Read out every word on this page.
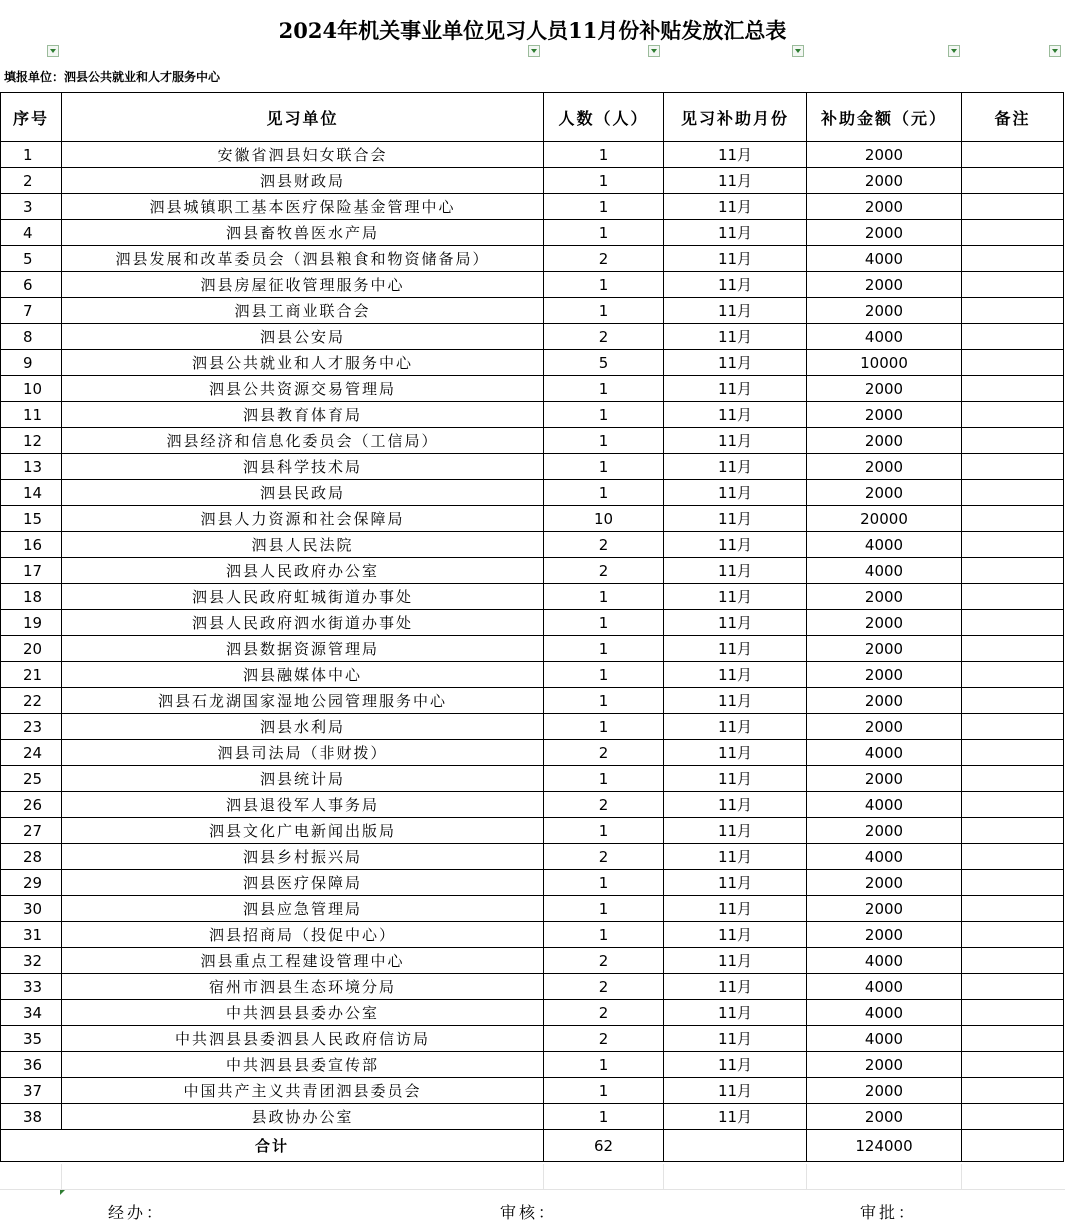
2024年机关事业单位见习人员11月份补贴发放汇总表
填报单位：泗县公共就业和人才服务中心
序号	见习单位	人数（人）	见习补助月份	补助金额（元）	备注
1	安徽省泗县妇女联合会	1	11月	2000	
2	泗县财政局	1	11月	2000	
3	泗县城镇职工基本医疗保险基金管理中心	1	11月	2000	
4	泗县畜牧兽医水产局	1	11月	2000	
5	泗县发展和改革委员会（泗县粮食和物资储备局）	2	11月	4000	
6	泗县房屋征收管理服务中心	1	11月	2000	
7	泗县工商业联合会	1	11月	2000	
8	泗县公安局	2	11月	4000	
9	泗县公共就业和人才服务中心	5	11月	10000	
10	泗县公共资源交易管理局	1	11月	2000	
11	泗县教育体育局	1	11月	2000	
12	泗县经济和信息化委员会（工信局）	1	11月	2000	
13	泗县科学技术局	1	11月	2000	
14	泗县民政局	1	11月	2000	
15	泗县人力资源和社会保障局	10	11月	20000	
16	泗县人民法院	2	11月	4000	
17	泗县人民政府办公室	2	11月	4000	
18	泗县人民政府虹城街道办事处	1	11月	2000	
19	泗县人民政府泗水街道办事处	1	11月	2000	
20	泗县数据资源管理局	1	11月	2000	
21	泗县融媒体中心	1	11月	2000	
22	泗县石龙湖国家湿地公园管理服务中心	1	11月	2000	
23	泗县水利局	1	11月	2000	
24	泗县司法局（非财拨）	2	11月	4000	
25	泗县统计局	1	11月	2000	
26	泗县退役军人事务局	2	11月	4000	
27	泗县文化广电新闻出版局	1	11月	2000	
28	泗县乡村振兴局	2	11月	4000	
29	泗县医疗保障局	1	11月	2000	
30	泗县应急管理局	1	11月	2000	
31	泗县招商局（投促中心）	1	11月	2000	
32	泗县重点工程建设管理中心	2	11月	4000	
33	宿州市泗县生态环境分局	2	11月	4000	
34	中共泗县县委办公室	2	11月	4000	
35	中共泗县县委泗县人民政府信访局	2	11月	4000	
36	中共泗县县委宣传部	1	11月	2000	
37	中国共产主义共青团泗县委员会	1	11月	2000	
38	县政协办公室	1	11月	2000	
合计		62		124000	
经办：	审核：	审批：
